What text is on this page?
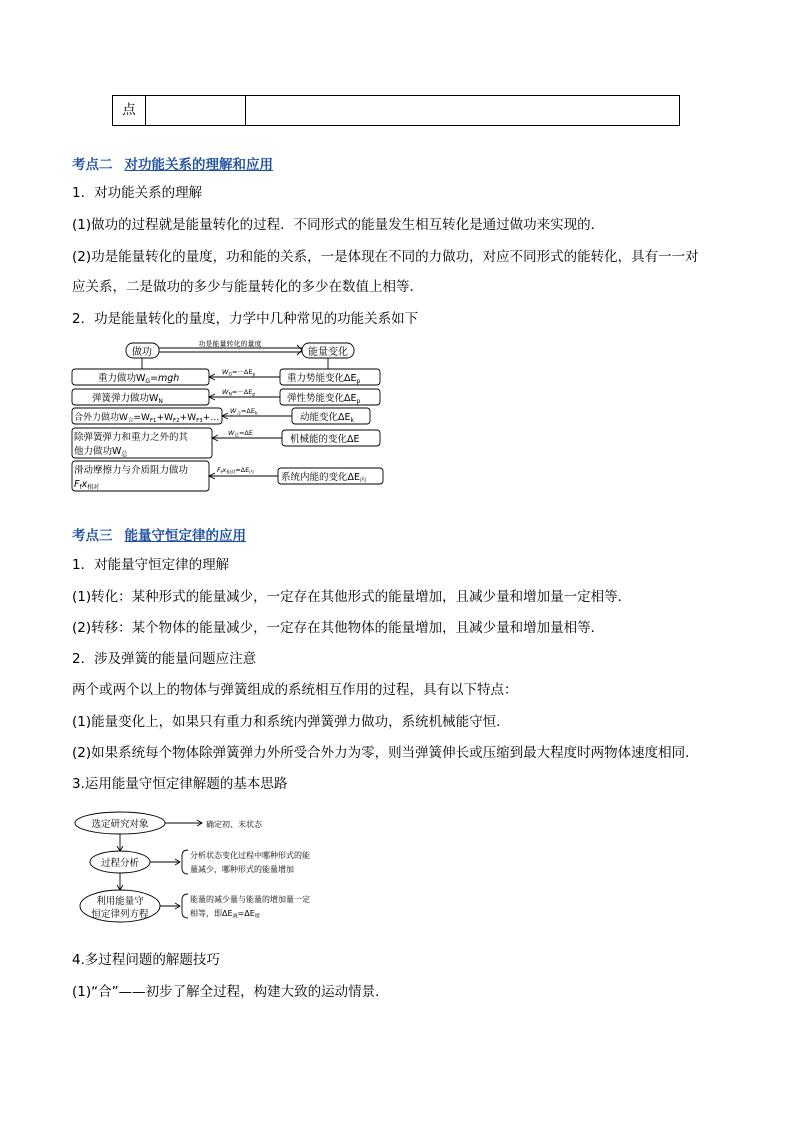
点
考点二 对功能关系的理解和应用
1．对功能关系的理解
(1)做功的过程就是能量转化的过程．不同形式的能量发生相互转化是通过做功来实现的．
(2)功是能量转化的量度，功和能的关系，一是体现在不同的力做功，对应不同形式的能转化，具有一一对
应关系，二是做功的多少与能量转化的多少在数值上相等．
2．功是能量转化的量度，力学中几种常见的功能关系如下
做功
功是能量转化的量度
能量变化
重力做功$W_G=mgh$
$W_G=-\Delta E_p$	重力势能变化$\Delta E_p$
弹簧弹力做功$W_N$
$W_N=-\Delta E_p$	弹性势能变化$\Delta E_p$
合外力做功$W_合=W_{F1}+W_{F2}+W_{F3}+\dots$
$W_合=\Delta E_k$	动能变化$\Delta E_k$
除弹簧弹力和重力之外的其
他力做功$W_总$
$W_总=\Delta E$
机械能的变化ΔE
滑动摩擦力与介质阻力做功
$F_fx_{相对}$
$F_fx_{相对}=\Delta E_内$	系统内能的变化$\Delta E_内$
考点三 能量守恒定律的应用
1．对能量守恒定律的理解
(1)转化：某种形式的能量减少，一定存在其他形式的能量增加，且减少量和增加量一定相等．
(2)转移：某个物体的能量减少，一定存在其他物体的能量增加，且减少量和增加量相等．
2．涉及弹簧的能量问题应注意
两个或两个以上的物体与弹簧组成的系统相互作用的过程，具有以下特点：
(1)能量变化上，如果只有重力和系统内弹簧弹力做功，系统机械能守恒．
(2)如果系统每个物体除弹簧弹力外所受合外力为零，则当弹簧伸长或压缩到最大程度时两物体速度相同．
3.运用能量守恒定律解题的基本思路
选定研究对象	确定初、末状态
过程分析
分析状态变化过程中哪种形式的能
量减少，哪种形式的能量增加
利用能量守
恒定律列方程
能量的减少量与能量的增加量一定
相等，即ΔE减=ΔE增
4.多过程问题的解题技巧
(1)“合”——初步了解全过程，构建大致的运动情景．
